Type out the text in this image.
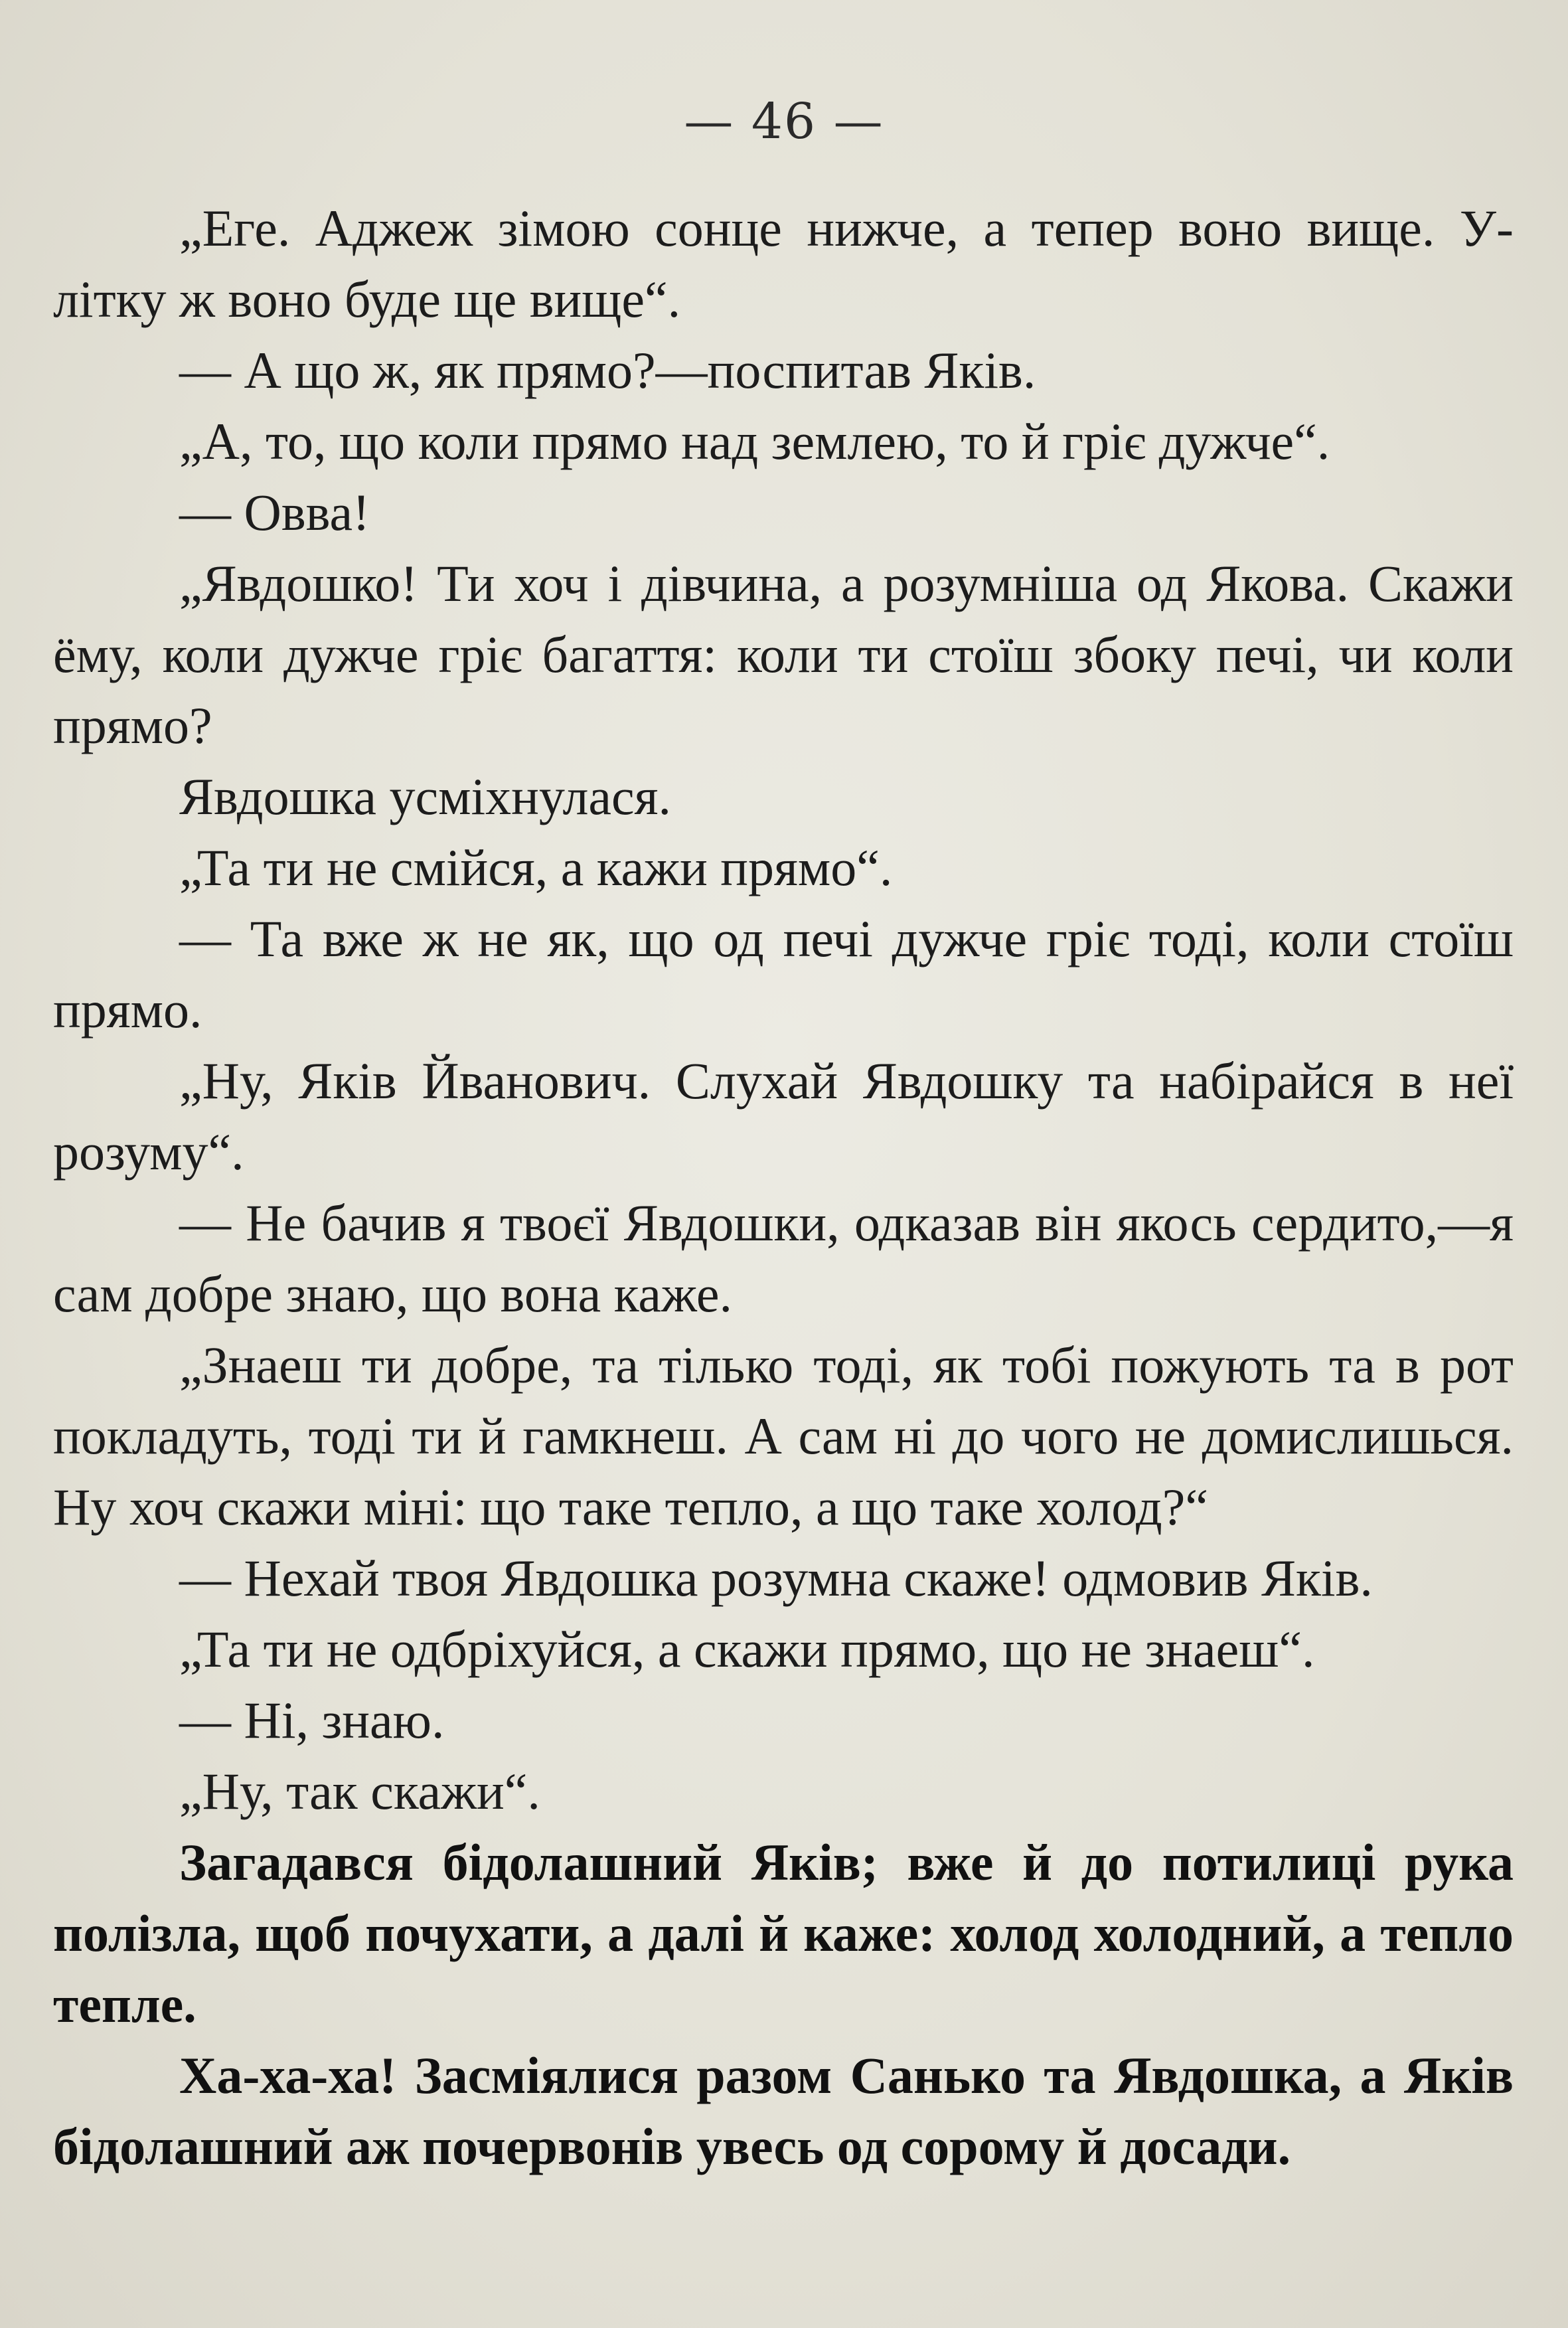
— 46 —

„Еге. Аджеж зімою сонце нижче, а тепер воно вище. У-літку ж воно буде ще вище“.

— А що ж, як прямо?—поспитав Яків.

„А, то, що коли прямо над землею, то й гріє дужче“.

— Овва!

„Явдошко! Ти хоч і дівчина, а розумніша од Якова. Скажи ёму, коли дужче гріє багаття: коли ти стоїш збоку печі, чи коли прямо?

Явдошка усміхнулася.

„Та ти не смійся, а кажи прямо“.

— Та вже ж не як, що од печі дужче гріє тоді, коли стоїш прямо.

„Ну, Яків Йванович. Слухай Явдошку та набірайся в неї розуму“.

— Не бачив я твоєї Явдошки, одказав він якось сердито,—я сам добре знаю, що вона каже.

„Знаеш ти добре, та тілько тоді, як тобі пожують та в рот покладуть, тоді ти й гамкнеш. А сам ні до чого не домислишься. Ну хоч скажи міні: що таке тепло, а що таке холод?“

— Нехай твоя Явдошка розумна скаже! одмовив Яків.

„Та ти не одбріхуйся, а скажи прямо, що не знаеш“.

— Ні, знаю.

„Ну, так скажи“.

Загадався бідолашний Яків; вже й до потилиці рука полізла, щоб почухати, а далі й каже: холод холодний, а тепло тепле.

Ха-ха-ха! Засміялися разом Санько та Явдошка, а Яків бідолашний аж почервонів увесь од сорому й досади.
